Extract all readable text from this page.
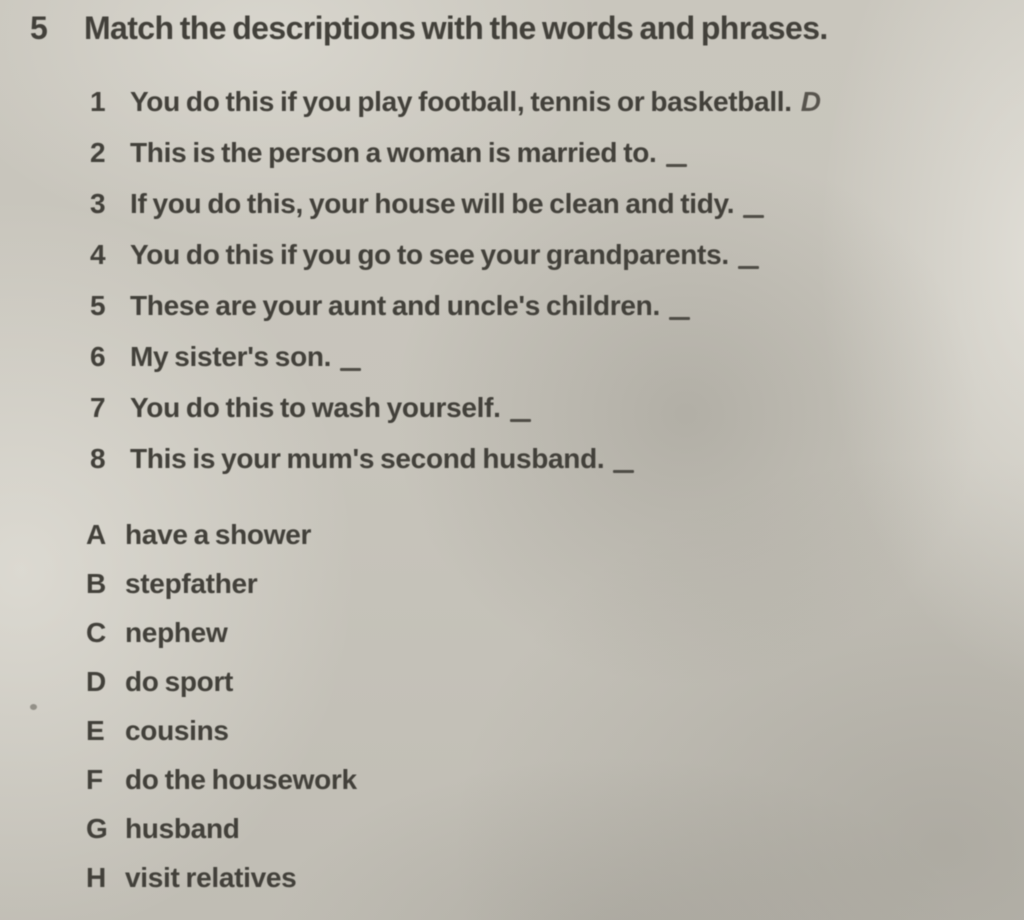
5	Match the descriptions with the words and phrases.
1 You do this if you play football, tennis or basketball. D
2 This is the person a woman is married to.
3 If you do this, your house will be clean and tidy.
4 You do this if you go to see your grandparents.
5 These are your aunt and uncle's children.
6 My sister's son.
7 You do this to wash yourself.
8 This is your mum's second husband.
A have a shower
B stepfather
C nephew
D do sport
E cousins
F do the housework
G husband
H visit relatives
